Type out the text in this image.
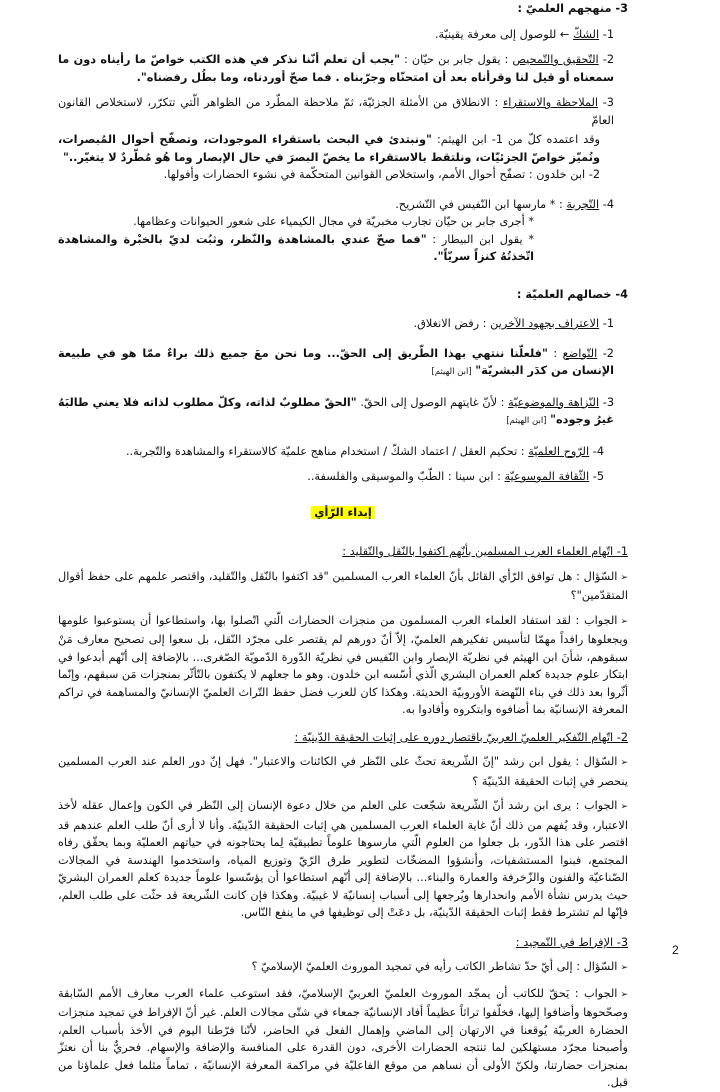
3- منهجهم العلميّ :

1- الشكّ ← للوصول إلى معرفة يقينيّة.
2- التّحقيق والتّمحيص : يقول جابر بن حيّان : "يجب أن تعلم أنّنا نذكر في هذه الكتب خواصّ ما رأيناه دون ما سمعناه أو قيل لنا وقرأناه بعد أن امتحنّاه وجرّبناه . فما صحّ أوردناه، وما بطُل رفضناه".
3- الملاحظة والاستقراء : الانطلاق من الأمثلة الجزئيّة، ثمّ ملاحظة المطّرد من الظواهر الّتي تتكرّر، لاستخلاص القانون العامّ
وقد اعتمده كلّ من 1- ابن الهيثم: "ونبتدئ في البحث باستقراء الموجودات، وتصفّح أحوال المُبصرات، ونُميّز خواصّ الجزئيّات، ونلتقط بالاستقراء ما يخصّ البصرَ في حال الإبصار وما هُو مُطّردٌ لا يتغيّر.."
2- ابن خلدون : تصفّح أحوال الأمم، واستخلاص القوانين المتحكّمة في نشوء الحضارات وأفولها.
4- التّجربة : * مارسها ابن النّفيس في التّشريح.
* أجرى جابر بن حيّان تجارب مخبريّة في مجال الكيمياء على شعور الحيوانات وعظامها.
* يقول ابن البيطار : "فما صحّ عندي بالمشاهدة والنّظر، وثبُت لديّ بالخبْرة والمشاهدة اتّخذتُهُ كنزاً سريّاً".

4- خصالهم العلميّة :

1- الاعتراف بجهود الآخرين : رفض الانغلاق.
2- التّواضع : "فلعلّنا ننتهي بهذا الطّريق إلى الحقّ... وما نحن معَ جميع ذلك براءٌ ممّا هو في طبيعة الإنسان من كدَر البشريّة" [ابن الهيثم]
3- النّزاهة والموضوعيّة : لأنّ غايتهم الوصول إلى الحقّ. "الحقّ مطلوبٌ لذاته، وكلّ مطلوب لذاته فلا يعني طالبَهُ غيرُ وجوده" [ابن الهيثم]
4- الرّوح العلميّة : تحكيم العقل / اعتماد الشكّ / استخدام مناهج علميّة كالاستقراء والمشاهدة والتّجربة..
5- الثّقافة الموسوعيّة : ابن سينا : الطّبّ والموسيقى والفلسفة..
إبداء الرّأي
1- اتّهام العلماء العرب المسلمين بأنّهم اكتفوا بالنّقل والتّقليد :
➢السّؤال : هل توافق الرّأي القائل بأنّ العلماء العرب المسلمين "قد اكتفوا بالنّقل والتّقليد، واقتصر علمهم على حفظ أقوال المتقدّمين"؟
➢الجواب : لقد استفاد العلماء العرب المسلمون من منجزات الحضارات الّتي اتّصلوا بها، واستطاعوا أن يستوعبوا علومها ويجعلوها رافداً مهمّا لتأسيس تفكيرهم العلميّ، إلاّ أنّ دورهم لم يقتصر على مجرّد النّقل، بل سعوا إلى تصحيح معارف مَنْ سبقوهم، شأنَ ابن الهيثم في نظريّة الإبصار وابن النّفيس في نظريّة الدّورة الدّمويّة الصّغرى... بالإضافة إلى أنّهم أبدعوا في ابتكار علوم جديدة كعلم العمران البشري الّذي أسّسه ابن خلدون. وهو ما جعلهم لا يكتفون بالتّأثّر بمنجزات مَن سبقهم، وإنّما أثّروا بعد ذلك في بناء النّهضة الأوروبيّة الحديثة. وهكذا كان للعرب فضل حفظ التّراث العلميّ الإنسانيّ والمساهمة في تراكم المعرفة الإنسانيّة بما أضافوه وابتكروه وأفادوا به.
2- اتّهام التّفكير العلميّ العربيّ باقتصار دوره على إثبات الحقيقة الدّينيّة :
➢السّؤال : يقول ابن رشد "إنّ الشّريعة تحثّ على النّظر في الكائنات والاعتبار". فهل إنّ دور العلم عند العرب المسلمين ينحصر في إثبات الحقيقة الدّينيّة ؟
➢الجواب : يرى ابن رشد أنّ الشّريعة شجّعت على العلم من خلال دعوة الإنسان إلى النّظر في الكون وإعمال عقله لأخذ الاعتبار، وقد يُفهم من ذلك أنّ غاية العلماء العرب المسلمين هي إثبات الحقيقة الدّينيّة. وأنا لا أرى أنّ طلب العلم عندهم قد اقتصر على هذا الدّور، بل جعلوا من العلوم الّتي مارسوها علوماً تطبيقيّة لِما يحتاجونه في حياتهم العمليّة وبما يحقّق رفاه المجتمع، فبنوا المستشفيات، وأنشؤوا المضخّات لتطوير طرق الرّيّ وتوزيع المياه، واستخدموا الهندسة في المجالات الصّناعيّة والفنون والزّخرفة والعمارة والبناء... بالإضافة إلى أنّهم استطاعوا أن يؤسّسوا علوماً جديدة كعلم العمران البشريّ حيث يدرس نشأة الأمم وانحدارها ويُرجعها إلى أسباب إنسانيّة لا غيبيّة. وهكذا فإن كانت الشّريعة قد حثّت على طلب العلم، فإنّها لم تشترط فقط إثبات الحقيقة الدّينيّة، بل دعَتْ إلى توظيفها في ما ينفع النّاس.
3- الإفراط في التّمجيد :
➢السّؤال : إلى أيّ حدّ تشاطر الكاتب رأيه في تمجيد الموروث العلميّ الإسلاميّ ؟
➢الجواب : يَحقّ للكاتب أن يمجّد الموروث العلميّ العربيّ الإسلاميّ، فقد استوعب علماء العرب معارف الأمم السّابقة وصحّحوها وأضافوا إليها، فخلّفوا تراثاً عظيماً أفاد الإنسانيّة جمعاء في شتّى مجالات العلم. غير أنّ الإفراط في تمجيد منجزات الحضارة العربيّة يُوقعنا في الارتهان إلى الماضي وإهمال الفعل في الحاضر، لأنّنا فرّطنا اليوم في الأخذ بأسباب العلم، وأصبحنا مجرّد مستهلكين لما تنتجه الحضارات الأخرى، دون القدرة على المنافسة والإضافة والإسهام. فحريٌّ بنا أن نعتزّ بمنجزات حضارتنا، ولكنّ الأولى أن نساهم من موقع الفاعليّة في مراكمة المعرفة الإنسانيّة ، تماماً مثلما فعل علماؤنا من قبل.
2
